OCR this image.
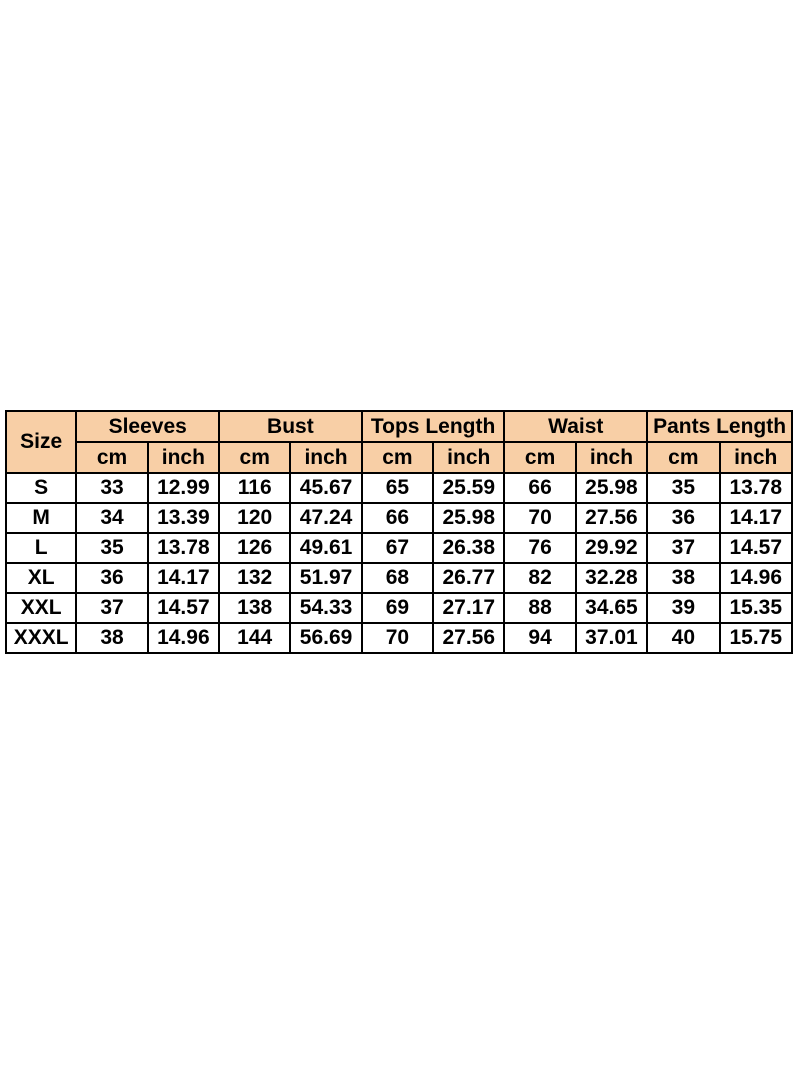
Size	Sleeves		Bust		Tops Length		Waist		Pants Length	
	cm	inch	cm	inch	cm	inch	cm	inch	cm	inch
S	33	12.99	116	45.67	65	25.59	66	25.98	35	13.78
M	34	13.39	120	47.24	66	25.98	70	27.56	36	14.17
L	35	13.78	126	49.61	67	26.38	76	29.92	37	14.57
XL	36	14.17	132	51.97	68	26.77	82	32.28	38	14.96
XXL	37	14.57	138	54.33	69	27.17	88	34.65	39	15.35
XXXL	38	14.96	144	56.69	70	27.56	94	37.01	40	15.75
